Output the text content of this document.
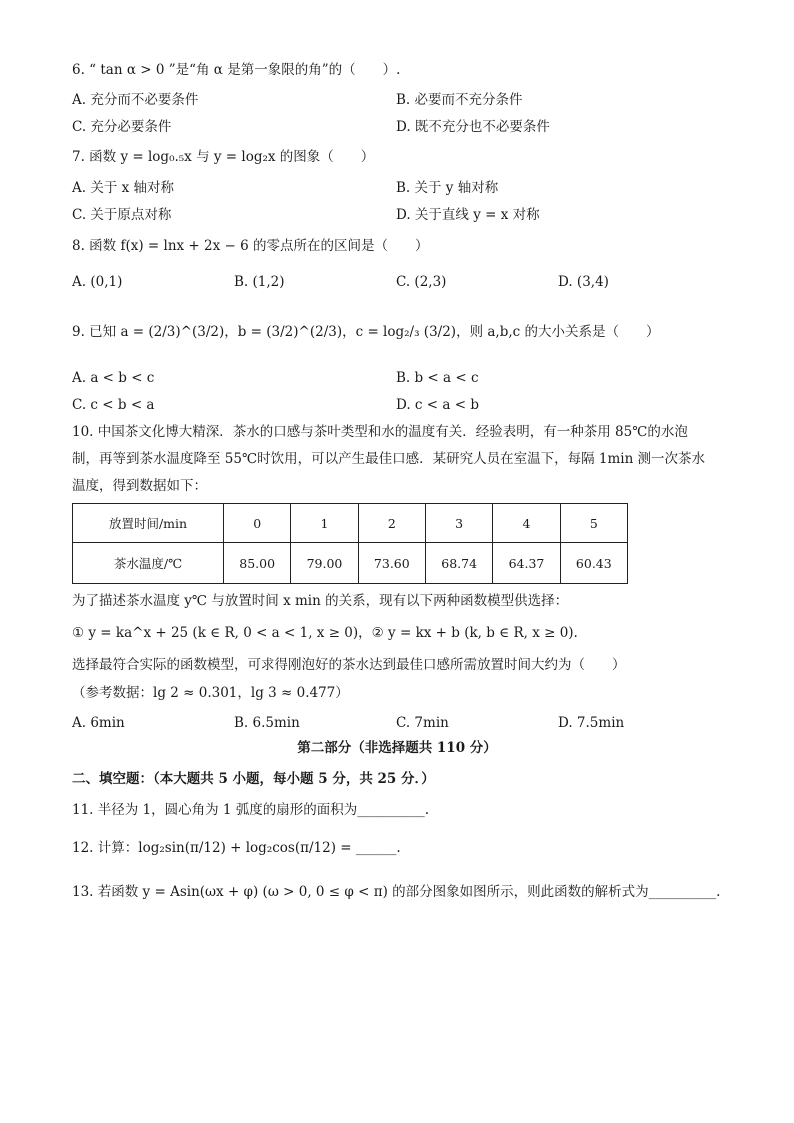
6. “ tan α > 0 ”是“角 α 是第一象限的角”的（　　）.
A. 充分而不必要条件	B. 必要而不充分条件
C. 充分必要条件	D. 既不充分也不必要条件
7. 函数 y = log₀.₅x 与 y = log₂x 的图象（　　）
A. 关于 x 轴对称	B. 关于 y 轴对称
C. 关于原点对称	D. 关于直线 y = x 对称
8. 函数 f(x) = lnx + 2x − 6 的零点所在的区间是（　　）
A. (0,1)	B. (1,2)	C. (2,3)	D. (3,4)
9. 已知 a = (2/3)^(3/2)，b = (3/2)^(2/3)，c = log₂/₃ (3/2)，则 a,b,c 的大小关系是（　　）
A. a < b < c	B. b < a < c
C. c < b < a	D. c < a < b
10. 中国茶文化博大精深．茶水的口感与茶叶类型和水的温度有关．经验表明，有一种茶用 85℃的水泡
制，再等到茶水温度降至 55℃时饮用，可以产生最佳口感．某研究人员在室温下，每隔 1min 测一次茶水
温度，得到数据如下：
放置时间/min	0	1	2	3	4	5
茶水温度/℃	85.00	79.00	73.60	68.74	64.37	60.43
为了描述茶水温度 y℃ 与放置时间 x min 的关系，现有以下两种函数模型供选择：
① y = ka^x + 25 (k ∈ R, 0 < a < 1, x ≥ 0)，② y = kx + b (k, b ∈ R, x ≥ 0).
选择最符合实际的函数模型，可求得刚泡好的茶水达到最佳口感所需放置时间大约为（　　）
（参考数据：lg 2 ≈ 0.301，lg 3 ≈ 0.477）
A. 6min	B. 6.5min	C. 7min	D. 7.5min
第二部分（非选择题共 110 分）
二、填空题：（本大题共 5 小题，每小题 5 分，共 25 分．）
11. 半径为 1，圆心角为 1 弧度的扇形的面积为__________.
12. 计算：log₂sin(π/12) + log₂cos(π/12) = ______.
13. 若函数 y = Asin(ωx + φ) (ω > 0, 0 ≤ φ < π) 的部分图象如图所示，则此函数的解析式为__________.
